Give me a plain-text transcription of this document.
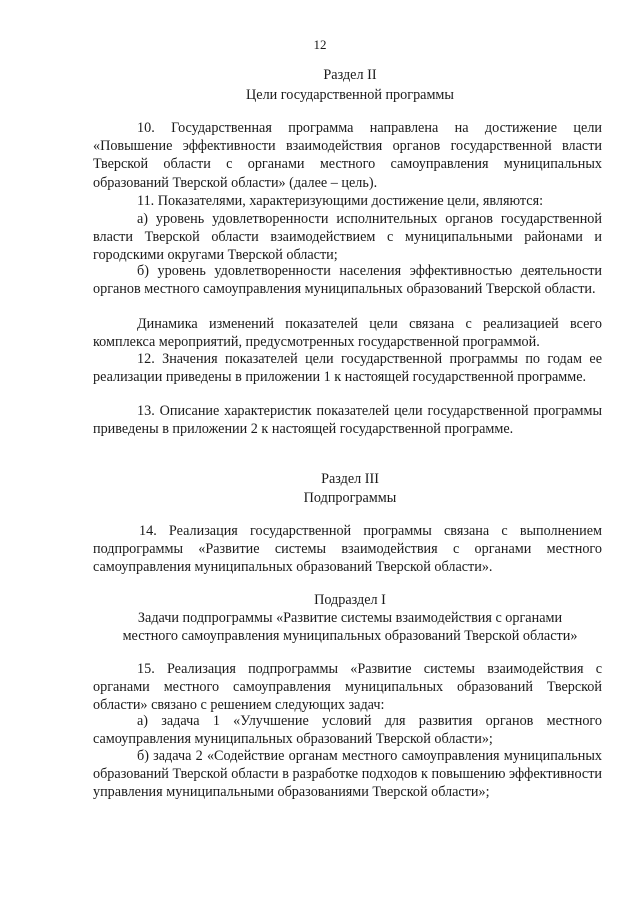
12
Раздел II
Цели государственной программы
10. Государственная программа направлена на достижение цели «Повышение эффективности взаимодействия органов государственной власти Тверской области с органами местного самоуправления муниципальных образований Тверской области» (далее – цель).
11. Показателями, характеризующими достижение цели, являются:
а) уровень удовлетворенности исполнительных органов государственной власти Тверской области взаимодействием с муниципальными районами и городскими округами Тверской области;
б) уровень удовлетворенности населения эффективностью деятельности органов местного самоуправления муниципальных образований Тверской области.
Динамика изменений показателей цели связана с реализацией всего комплекса мероприятий, предусмотренных государственной программой.
12. Значения показателей цели государственной программы по годам ее реализации приведены в приложении 1 к настоящей государственной программе.
13. Описание характеристик показателей цели государственной программы приведены в приложении 2 к настоящей государственной программе.
Раздел III
Подпрограммы
14. Реализация государственной программы связана с выполнением подпрограммы «Развитие системы взаимодействия с органами местного самоуправления муниципальных образований Тверской области».
Подраздел I
Задачи подпрограммы «Развитие системы взаимодействия с органами
местного самоуправления муниципальных образований Тверской области»
15. Реализация подпрограммы «Развитие системы взаимодействия с органами местного самоуправления муниципальных образований Тверской области» связано с решением следующих задач:
а) задача 1 «Улучшение условий для развития органов местного самоуправления муниципальных образований Тверской области»;
б) задача 2 «Содействие органам местного самоуправления муниципальных образований Тверской области в разработке подходов к повышению эффективности управления муниципальными образованиями Тверской области»;
